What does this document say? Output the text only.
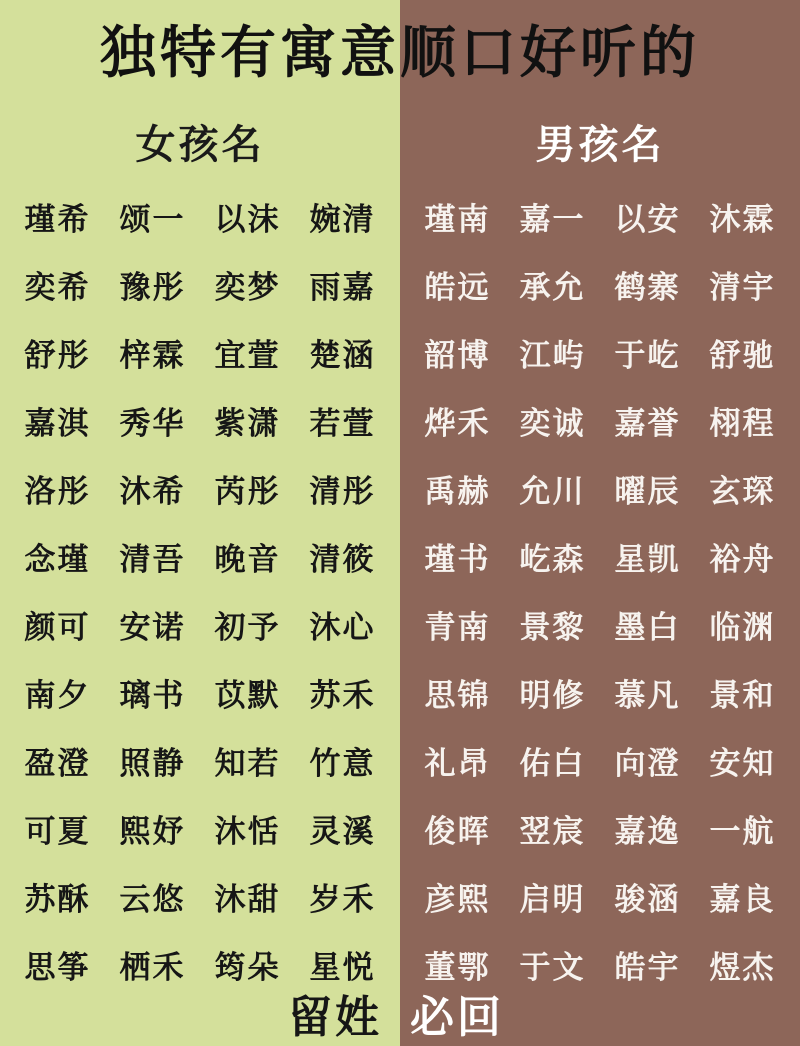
女孩名
瑾希 颂一 以沫 婉清
奕希 豫彤 奕梦 雨嘉
舒彤 梓霖 宜萱 楚涵
嘉淇 秀华 紫潇 若萱
洛彤 沐希 芮彤 清彤
念瑾 清吾 晚音 清筱
颜可 安诺 初予 沐心
南夕 璃书 苡默 苏禾
盈澄 照静 知若 竹意
可夏 熙妤 沐恬 灵溪
苏酥 云悠 沐甜 岁禾
思筝 栖禾 筠朵 星悦
留姓
男孩名
瑾南 嘉一 以安 沐霖
皓远 承允 鹤寨 清宇
韶博 江屿 于屹 舒驰
烨禾 奕诚 嘉誉 栩程
禹赫 允川 曜辰 玄琛
瑾书 屹森 星凯 裕舟
青南 景黎 墨白 临渊
思锦 明修 慕凡 景和
礼昂 佑白 向澄 安知
俊晖 翌宸 嘉逸 一航
彦熙 启明 骏涵 嘉良
董鄂 于文 皓宇 煜杰
必回
独特有寓意顺口好听的
